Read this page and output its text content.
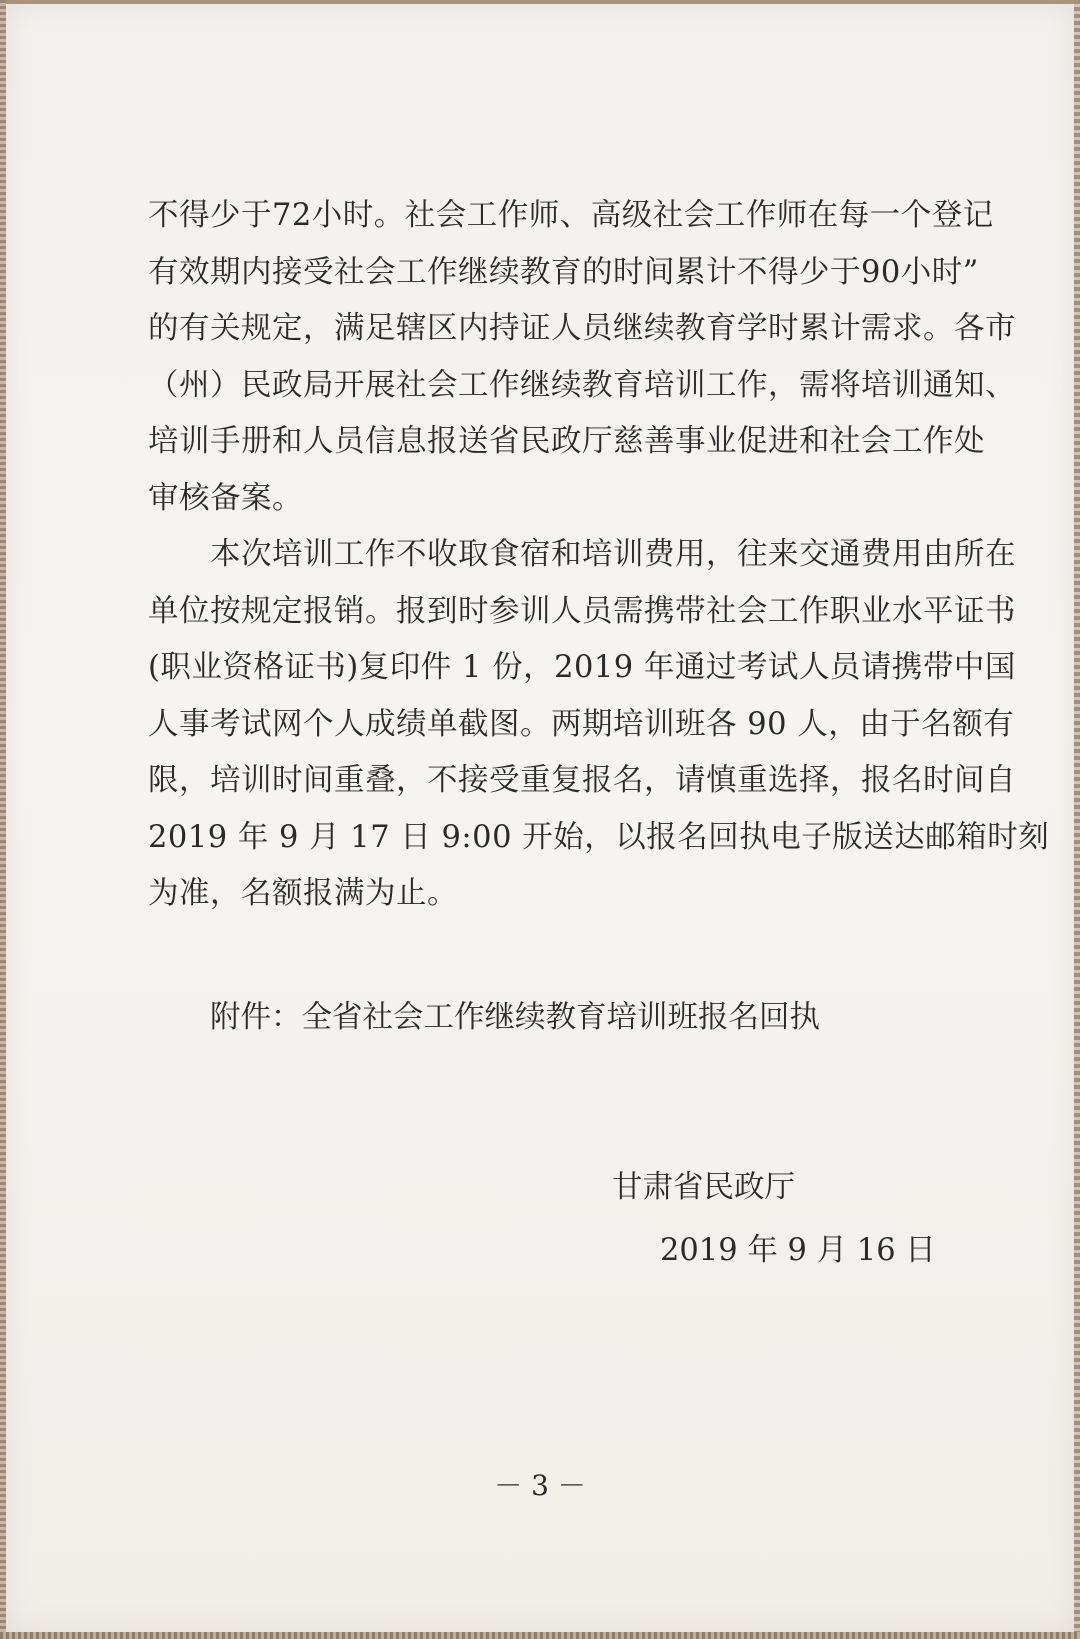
不得少于72小时。社会工作师、高级社会工作师在每一个登记
有效期内接受社会工作继续教育的时间累计不得少于90小时”
的有关规定，满足辖区内持证人员继续教育学时累计需求。各市
（州）民政局开展社会工作继续教育培训工作，需将培训通知、
培训手册和人员信息报送省民政厅慈善事业促进和社会工作处
审核备案。
本次培训工作不收取食宿和培训费用，往来交通费用由所在
单位按规定报销。报到时参训人员需携带社会工作职业水平证书
(职业资格证书)复印件 1 份，2019 年通过考试人员请携带中国
人事考试网个人成绩单截图。两期培训班各 90 人，由于名额有
限，培训时间重叠，不接受重复报名，请慎重选择，报名时间自
2019 年 9 月 17 日 9:00 开始，以报名回执电子版送达邮箱时刻
为准，名额报满为止。
附件：全省社会工作继续教育培训班报名回执
甘肃省民政厅
2019 年 9 月 16 日
－ 3 －
